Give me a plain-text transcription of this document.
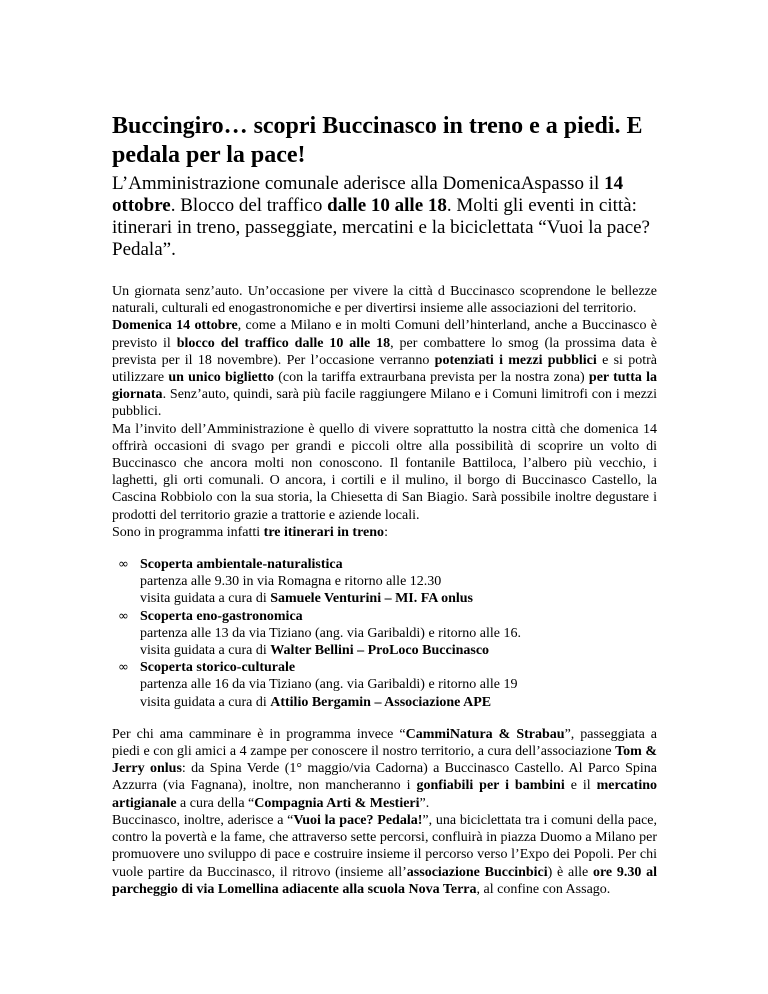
Buccingiro… scopri Buccinasco in treno e a piedi. E pedala per la pace!

L’Amministrazione comunale aderisce alla DomenicaAspasso il 14 ottobre. Blocco del traffico dalle 10 alle 18. Molti gli eventi in città: itinerari in treno, passeggiate, mercatini e la biciclettata “Vuoi la pace? Pedala”.

Un giornata senz’auto. Un’occasione per vivere la città d Buccinasco scoprendone le bellezze naturali, culturali ed enogastronomiche e per divertirsi insieme alle associazioni del territorio.

Domenica 14 ottobre, come a Milano e in molti Comuni dell’hinterland, anche a Buccinasco è previsto il blocco del traffico dalle 10 alle 18, per combattere lo smog (la prossima data è prevista per il 18 novembre). Per l’occasione verranno potenziati i mezzi pubblici e si potrà utilizzare un unico biglietto (con la tariffa extraurbana prevista per la nostra zona) per tutta la giornata. Senz’auto, quindi, sarà più facile raggiungere Milano e i Comuni limitrofi con i mezzi pubblici.

Ma l’invito dell’Amministrazione è quello di vivere soprattutto la nostra città che domenica 14 offrirà occasioni di svago per grandi e piccoli oltre alla possibilità di scoprire un volto di Buccinasco che ancora molti non conoscono. Il fontanile Battiloca, l’albero più vecchio, i laghetti, gli orti comunali. O ancora, i cortili e il mulino, il borgo di Buccinasco Castello, la Cascina Robbiolo con la sua storia, la Chiesetta di San Biagio. Sarà possibile inoltre degustare i prodotti del territorio grazie a trattorie e aziende locali.

Sono in programma infatti tre itinerari in treno:

∞ Scoperta ambientale-naturalistica
partenza alle 9.30 in via Romagna e ritorno alle 12.30
visita guidata a cura di Samuele Venturini – MI. FA onlus
∞ Scoperta eno-gastronomica
partenza alle 13 da via Tiziano (ang. via Garibaldi) e ritorno alle 16.
visita guidata a cura di Walter Bellini – ProLoco Buccinasco
∞ Scoperta storico-culturale
partenza alle 16 da via Tiziano (ang. via Garibaldi) e ritorno alle 19
visita guidata a cura di Attilio Bergamin – Associazione APE

Per chi ama camminare è in programma invece “CammiNatura & Strabau”, passeggiata a piedi e con gli amici a 4 zampe per conoscere il nostro territorio, a cura dell’associazione Tom & Jerry onlus: da Spina Verde (1° maggio/via Cadorna) a Buccinasco Castello. Al Parco Spina Azzurra (via Fagnana), inoltre, non mancheranno i gonfiabili per i bambini e il mercatino artigianale a cura della “Compagnia Arti & Mestieri”.

Buccinasco, inoltre, aderisce a “Vuoi la pace? Pedala!”, una biciclettata tra i comuni della pace, contro la povertà e la fame, che attraverso sette percorsi, confluirà in piazza Duomo a Milano per promuovere uno sviluppo di pace e costruire insieme il percorso verso l’Expo dei Popoli. Per chi vuole partire da Buccinasco, il ritrovo (insieme all’associazione Buccinbici) è alle ore 9.30 al parcheggio di via Lomellina adiacente alla scuola Nova Terra, al confine con Assago.
